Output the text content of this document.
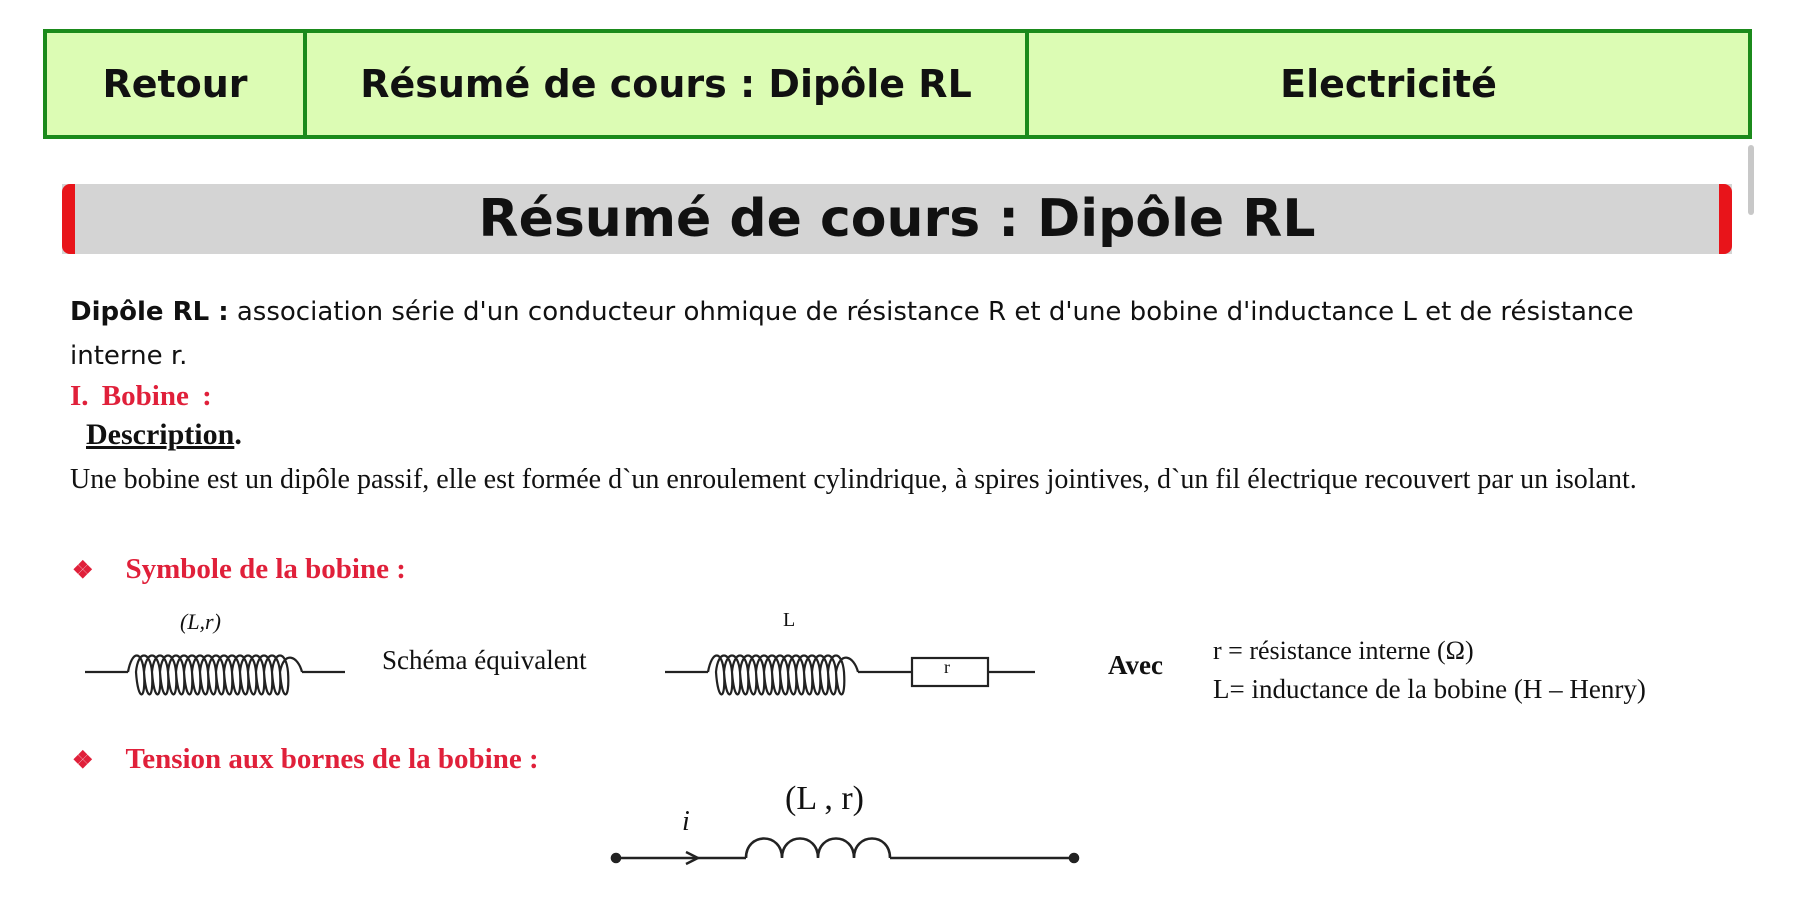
Retour	Résumé de cours : Dipôle RL	Electricité
Résumé de cours : Dipôle RL
Dipôle RL : association série d'un conducteur ohmique de résistance R et d'une bobine d'inductance L et de résistance interne r.
I. Bobine :
Description.
Une bobine est un dipôle passif, elle est formée d`un enroulement cylindrique, à spires jointives, d`un fil électrique recouvert par un isolant.
❖ Symbole de la bobine :
(L,r)
Schéma équivalent
L
r	Avec r = résistance interne (Ω)
L= inductance de la bobine (H – Henry)
❖ Tension aux bornes de la bobine :
i
(L , r)
